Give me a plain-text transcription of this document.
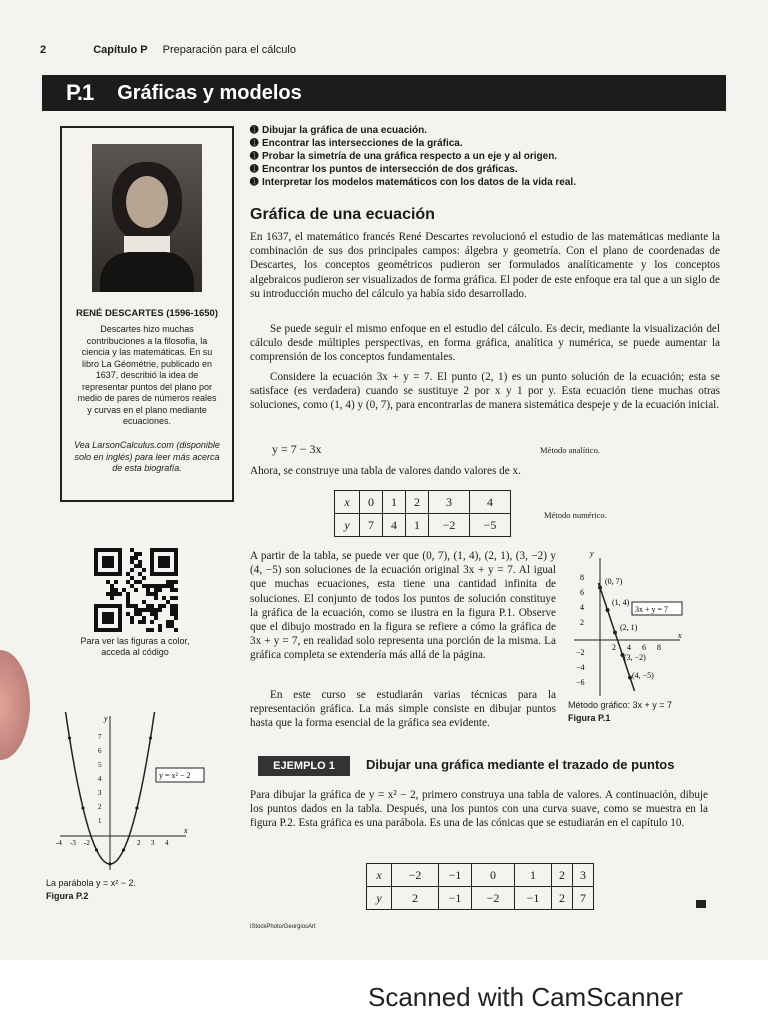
2	Capítulo P Preparación para el cálculo
P.1 Gráficas y modelos
RENÉ DESCARTES (1596-1650)
Descartes hizo muchas contribuciones a la filosofía, la ciencia y las matemáticas. En su libro La Géométrie, publicado en 1637, describió la idea de representar puntos del plano por medio de pares de números reales y curvas en el plano mediante ecuaciones.
Vea LarsonCalculus.com (disponible solo en inglés) para leer más acerca de esta biografía.
➊ Dibujar la gráfica de una ecuación.
➊ Encontrar las intersecciones de la gráfica.
➊ Probar la simetría de una gráfica respecto a un eje y al origen.
➊ Encontrar los puntos de intersección de dos gráficas.
➊ Interpretar los modelos matemáticos con los datos de la vida real.
Gráfica de una ecuación
En 1637, el matemático francés René Descartes revolucionó el estudio de las matemáticas mediante la combinación de sus dos principales campos: álgebra y geometría. Con el plano de coordenadas de Descartes, los conceptos geométricos pudieron ser formulados analíticamente y los conceptos algebraicos pudieron ser visualizados de forma gráfica. El poder de este enfoque era tal que a un siglo de su introducción mucho del cálculo ya había sido desarrollado.
Se puede seguir el mismo enfoque en el estudio del cálculo. Es decir, mediante la visualización del cálculo desde múltiples perspectivas, en forma gráfica, analítica y numérica, se puede aumentar la comprensión de los conceptos fundamentales.
Considere la ecuación 3x + y = 7. El punto (2, 1) es un punto solución de la ecuación; esta se satisface (es verdadera) cuando se sustituye 2 por x y 1 por y. Esta ecuación tiene muchas otras soluciones, como (1, 4) y (0, 7), para encontrarlas de manera sistemática despeje y de la ecuación inicial.
y = 7 − 3x	Método analítico.
Ahora, se construye una tabla de valores dando valores de x.
x	0	1	2	3	4
y	7	4	1	−2	−5
Método numérico.
A partir de la tabla, se puede ver que (0, 7), (1, 4), (2, 1), (3, −2) y (4, −5) son soluciones de la ecuación original 3x + y = 7. Al igual que muchas ecuaciones, esta tiene una cantidad infinita de soluciones. El conjunto de todos los puntos de solución constituye la gráfica de la ecuación, como se ilustra en la figura P.1. Observe que el dibujo mostrado en la figura se refiere a cómo la gráfica de 3x + y = 7, en realidad solo representa una porción de la misma. La gráfica completa se extendería más allá de la página.
En este curso se estudiarán varias técnicas para la representación gráfica. La más simple consiste en dibujar puntos hasta que la forma esencial de la gráfica sea evidente.
x
y
8
6
4
2
−2
−4
−6
2 4 6 8
(0, 7)
(1, 4)
(2, 1)
(3, −2)
(4, −5)
3x + y = 7
Método gráfico: 3x + y = 7
Figura P.1
Para ver las figuras a color, acceda al código
x
y
7
6
5
4
3
2
1
-4 -3 -2	2 3 4
y = x² − 2
La parábola y = x² − 2.
Figura P.2
EJEMPLO 1	Dibujar una gráfica mediante el trazado de puntos
Para dibujar la gráfica de y = x² − 2, primero construya una tabla de valores. A continuación, dibuje los puntos dados en la tabla. Después, una los puntos con una curva suave, como se muestra en la figura P.2. Esta gráfica es una parábola. Es una de las cónicas que se estudiarán en el capítulo 10.
x	−2	−1	0	1	2	3
y	2	−1	−2	−1	2	7
iStockPhoto/GeorgiosArt
Scanned with CamScanner
